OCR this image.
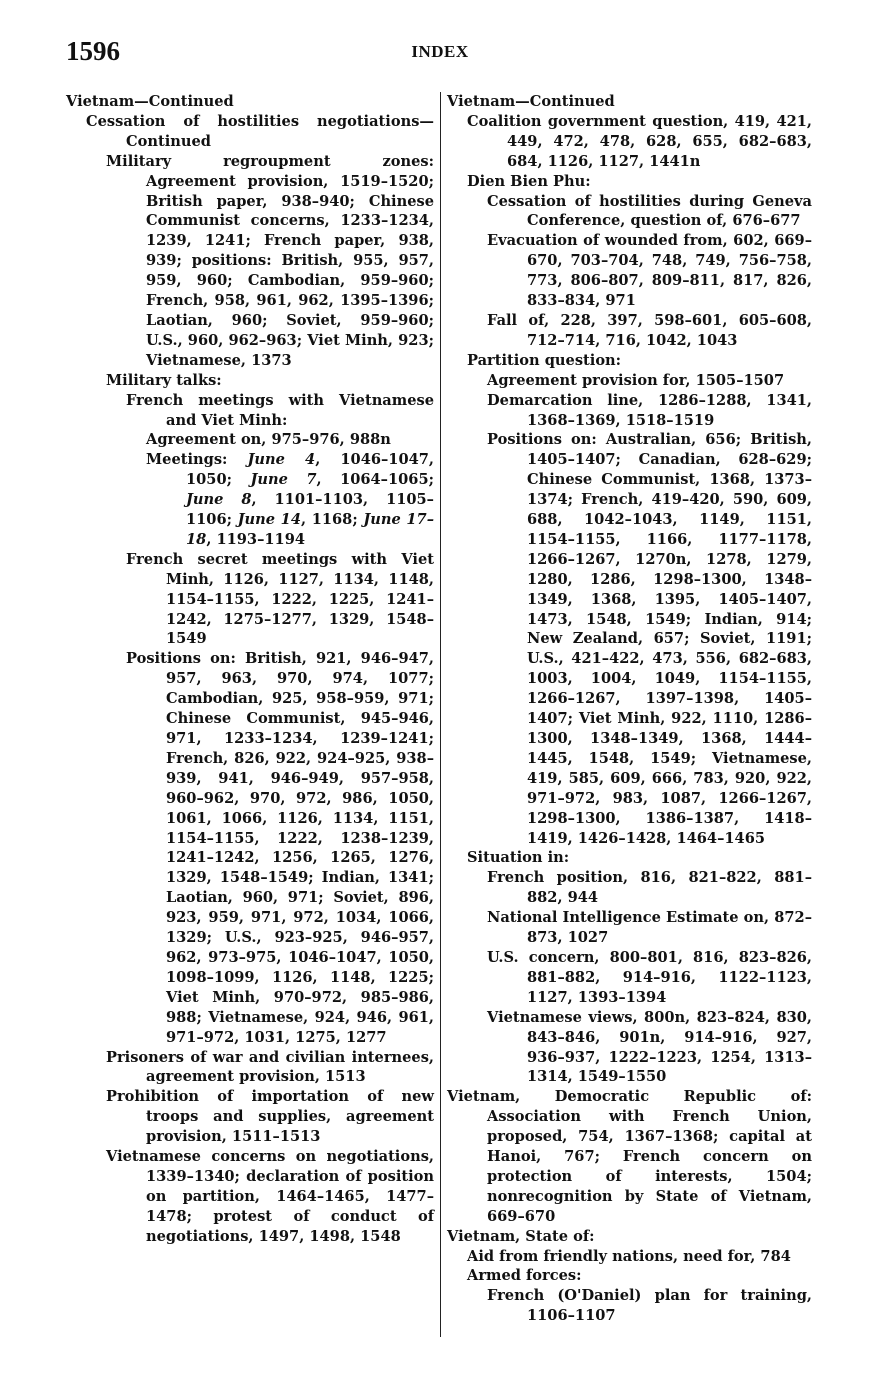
1596	INDEX
Vietnam—Continued
Cessation of hostilities negotiations—Continued
Military regroupment zones: Agreement provision, 1519–1520; British paper, 938–940; Chinese Communist concerns, 1233–1234, 1239, 1241; French paper, 938, 939; positions: British, 955, 957, 959, 960; Cambodian, 959–960; French, 958, 961, 962, 1395–1396; Laotian, 960; Soviet, 959–960; U.S., 960, 962–963; Viet Minh, 923; Vietnamese, 1373
Military talks:
French meetings with Vietnamese and Viet Minh:
Agreement on, 975–976, 988n
Meetings: June 4, 1046–1047, 1050; June 7, 1064–1065; June 8, 1101–1103, 1105–1106; June 14, 1168; June 17–18, 1193–1194
French secret meetings with Viet Minh, 1126, 1127, 1134, 1148, 1154–1155, 1222, 1225, 1241–1242, 1275–1277, 1329, 1548–1549
Positions on: British, 921, 946–947, 957, 963, 970, 974, 1077; Cambodian, 925, 958–959, 971; Chinese Communist, 945–946, 971, 1233–1234, 1239–1241; French, 826, 922, 924–925, 938–939, 941, 946–949, 957–958, 960–962, 970, 972, 986, 1050, 1061, 1066, 1126, 1134, 1151, 1154–1155, 1222, 1238–1239, 1241–1242, 1256, 1265, 1276, 1329, 1548–1549; Indian, 1341; Laotian, 960, 971; Soviet, 896, 923, 959, 971, 972, 1034, 1066, 1329; U.S., 923–925, 946–957, 962, 973–975, 1046–1047, 1050, 1098–1099, 1126, 1148, 1225; Viet Minh, 970–972, 985–986, 988; Vietnamese, 924, 946, 961, 971–972, 1031, 1275, 1277
Prisoners of war and civilian internees, agreement provision, 1513
Prohibition of importation of new troops and supplies, agreement provision, 1511–1513
Vietnamese concerns on negotiations, 1339–1340; declaration of position on partition, 1464–1465, 1477–1478; protest of conduct of negotiations, 1497, 1498, 1548
Vietnam—Continued
Coalition government question, 419, 421, 449, 472, 478, 628, 655, 682–683, 684, 1126, 1127, 1441n
Dien Bien Phu:
Cessation of hostilities during Geneva Conference, question of, 676–677
Evacuation of wounded from, 602, 669–670, 703–704, 748, 749, 756–758, 773, 806–807, 809–811, 817, 826, 833–834, 971
Fall of, 228, 397, 598–601, 605–608, 712–714, 716, 1042, 1043
Partition question:
Agreement provision for, 1505–1507
Demarcation line, 1286–1288, 1341, 1368–1369, 1518–1519
Positions on: Australian, 656; British, 1405–1407; Canadian, 628–629; Chinese Communist, 1368, 1373–1374; French, 419–420, 590, 609, 688, 1042–1043, 1149, 1151, 1154–1155, 1166, 1177–1178, 1266–1267, 1270n, 1278, 1279, 1280, 1286, 1298–1300, 1348–1349, 1368, 1395, 1405–1407, 1473, 1548, 1549; Indian, 914; New Zealand, 657; Soviet, 1191; U.S., 421–422, 473, 556, 682–683, 1003, 1004, 1049, 1154–1155, 1266–1267, 1397–1398, 1405–1407; Viet Minh, 922, 1110, 1286–1300, 1348–1349, 1368, 1444–1445, 1548, 1549; Vietnamese, 419, 585, 609, 666, 783, 920, 922, 971–972, 983, 1087, 1266–1267, 1298–1300, 1386–1387, 1418–1419, 1426–1428, 1464–1465
Situation in:
French position, 816, 821–822, 881–882, 944
National Intelligence Estimate on, 872–873, 1027
U.S. concern, 800–801, 816, 823–826, 881–882, 914–916, 1122–1123, 1127, 1393–1394
Vietnamese views, 800n, 823–824, 830, 843–846, 901n, 914–916, 927, 936–937, 1222–1223, 1254, 1313–1314, 1549–1550
Vietnam, Democratic Republic of: Association with French Union, proposed, 754, 1367–1368; capital at Hanoi, 767; French concern on protection of interests, 1504; nonrecognition by State of Vietnam, 669–670
Vietnam, State of:
Aid from friendly nations, need for, 784
Armed forces:
French (O'Daniel) plan for training, 1106–1107
